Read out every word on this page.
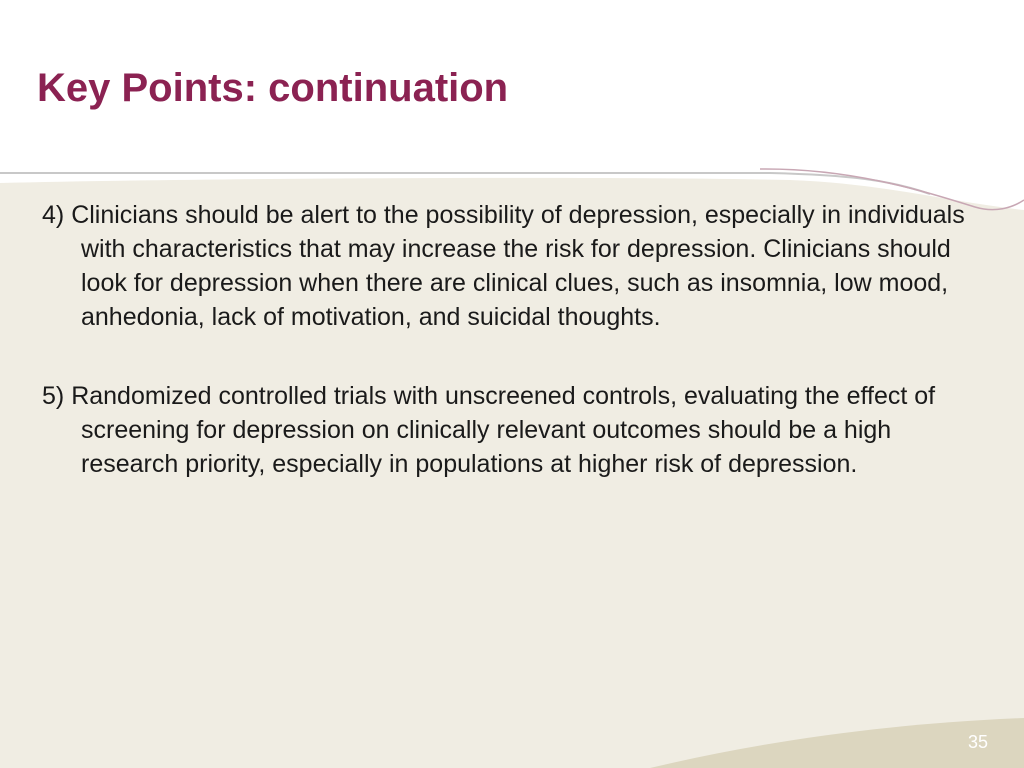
Key Points: continuation

4) Clinicians should be alert to the possibility of depression, especially in individuals with characteristics that may increase the risk for depression. Clinicians should look for depression when there are clinical clues, such as insomnia, low mood, anhedonia, lack of motivation, and suicidal thoughts.

5) Randomized controlled trials with unscreened controls, evaluating the effect of screening for depression on clinically relevant outcomes should be a high research priority, especially in populations at higher risk of depression.

35
